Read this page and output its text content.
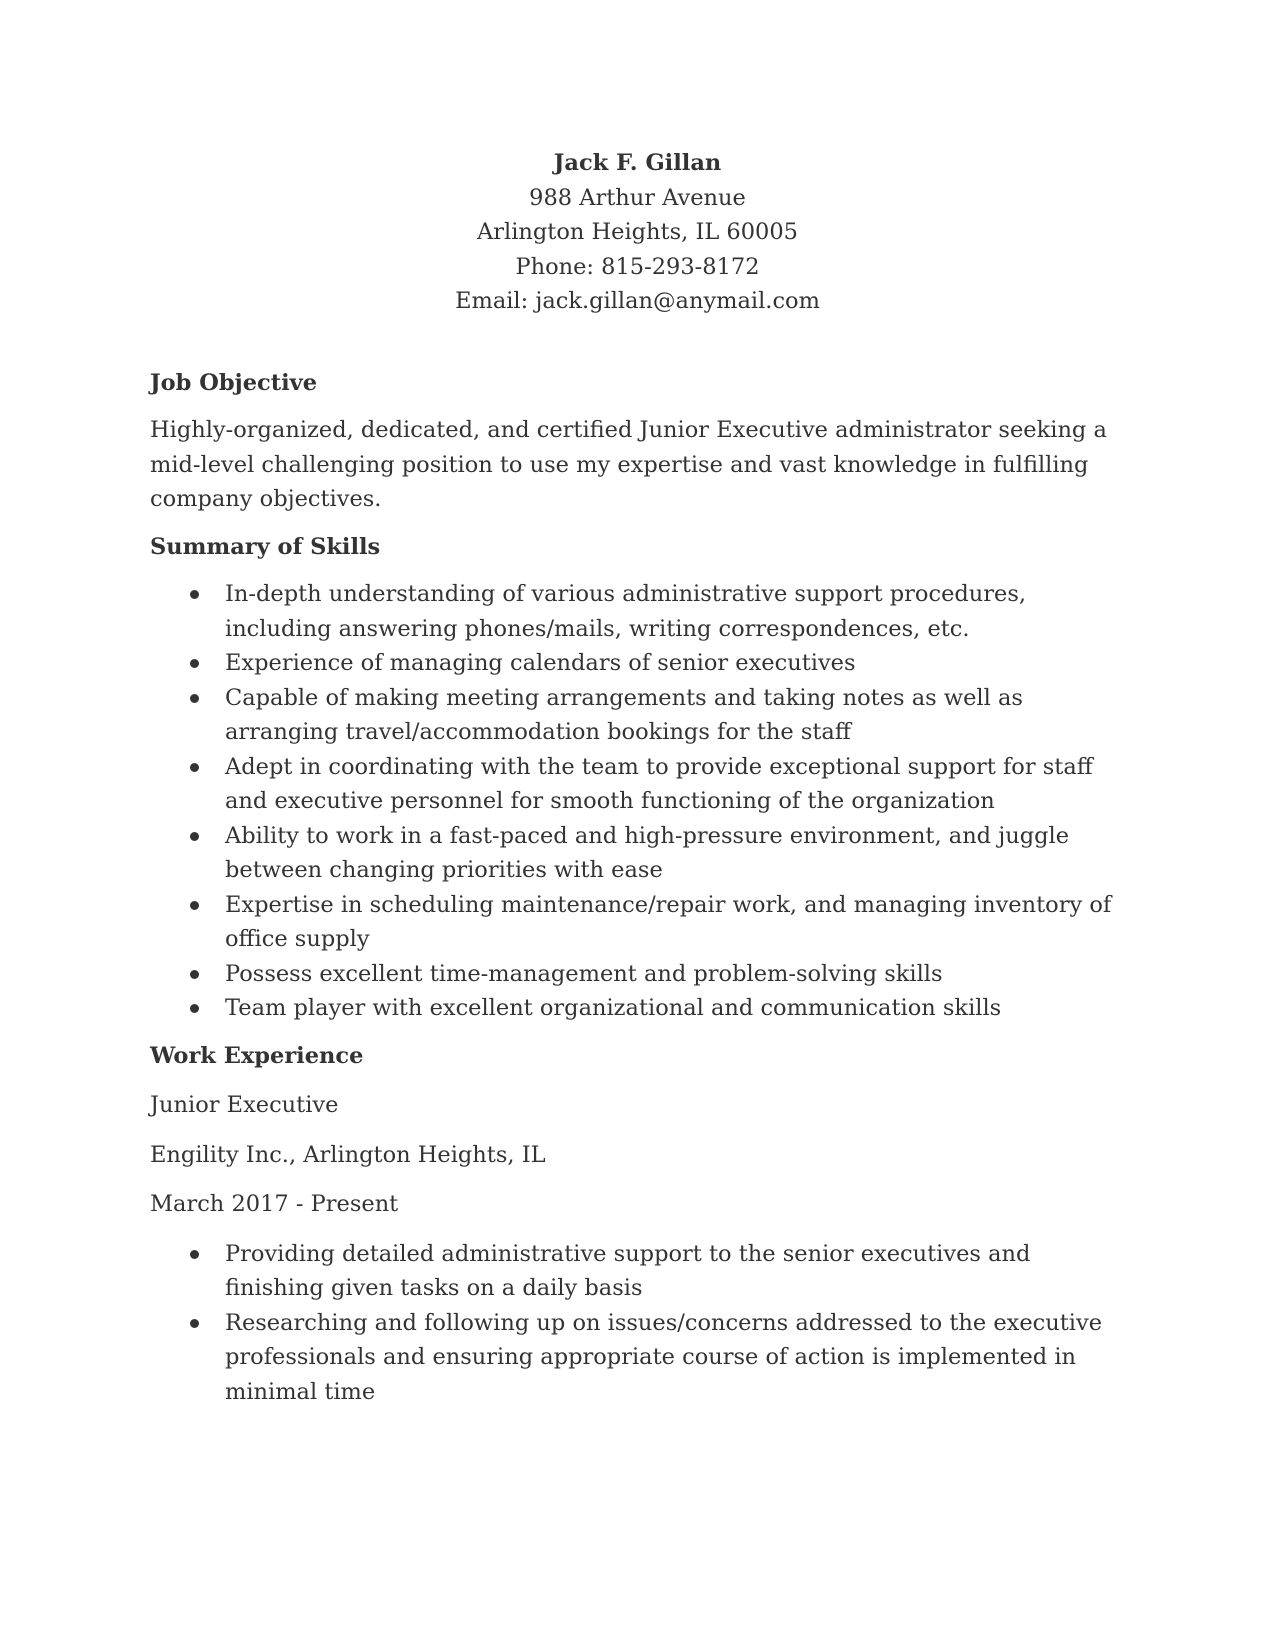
Jack F. Gillan
988 Arthur Avenue
Arlington Heights, IL 60005
Phone: 815-293-8172
Email: jack.gillan@anymail.com
Job Objective
Highly-organized, dedicated, and certified Junior Executive administrator seeking a mid-level challenging position to use my expertise and vast knowledge in fulfilling company objectives.
Summary of Skills
In-depth understanding of various administrative support procedures, including answering phones/mails, writing correspondences, etc.
Experience of managing calendars of senior executives
Capable of making meeting arrangements and taking notes as well as arranging travel/accommodation bookings for the staff
Adept in coordinating with the team to provide exceptional support for staff and executive personnel for smooth functioning of the organization
Ability to work in a fast-paced and high-pressure environment, and juggle between changing priorities with ease
Expertise in scheduling maintenance/repair work, and managing inventory of office supply
Possess excellent time-management and problem-solving skills
Team player with excellent organizational and communication skills
Work Experience
Junior Executive
Engility Inc., Arlington Heights, IL
March 2017 - Present
Providing detailed administrative support to the senior executives and finishing given tasks on a daily basis
Researching and following up on issues/concerns addressed to the executive professionals and ensuring appropriate course of action is implemented in minimal time
